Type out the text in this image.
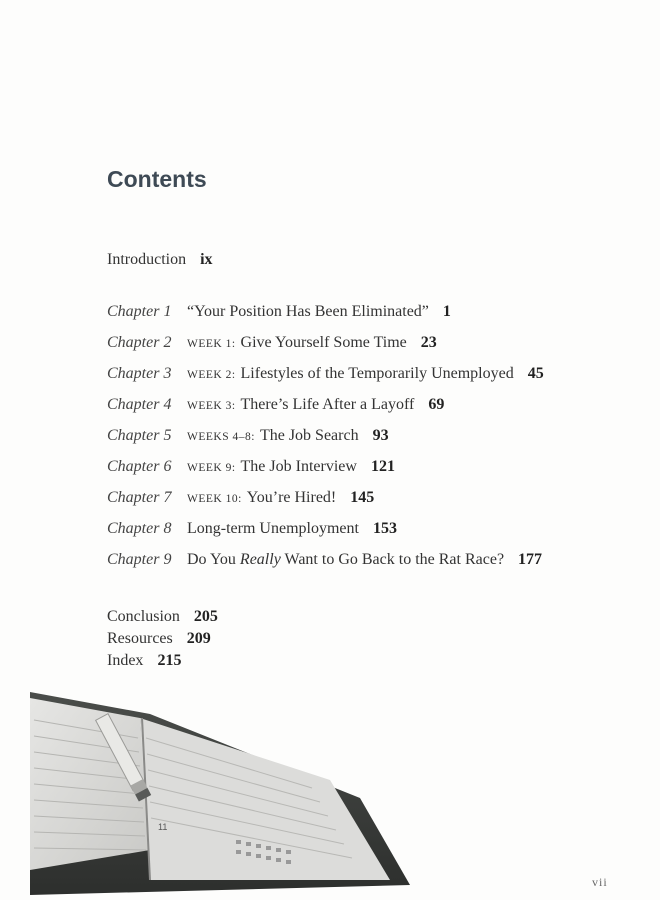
Contents
Introduction ix
Chapter 1 “Your Position Has Been Eliminated” 1
Chapter 2	WEEK 1: Give Yourself Some Time 23
Chapter 3	WEEK 2: Lifestyles of the Temporarily Unemployed 45
Chapter 4	WEEK 3: There’s Life After a Layoff 69
Chapter 5	WEEKS 4–8: The Job Search 93
Chapter 6	WEEK 9: The Job Interview 121
Chapter 7	WEEK 10: You’re Hired! 145
Chapter 8 Long-term Unemployment 153
Chapter 9 Do You Really Want to Go Back to the Rat Race? 177
Conclusion 205
Resources 209
Index 215
11
vii
